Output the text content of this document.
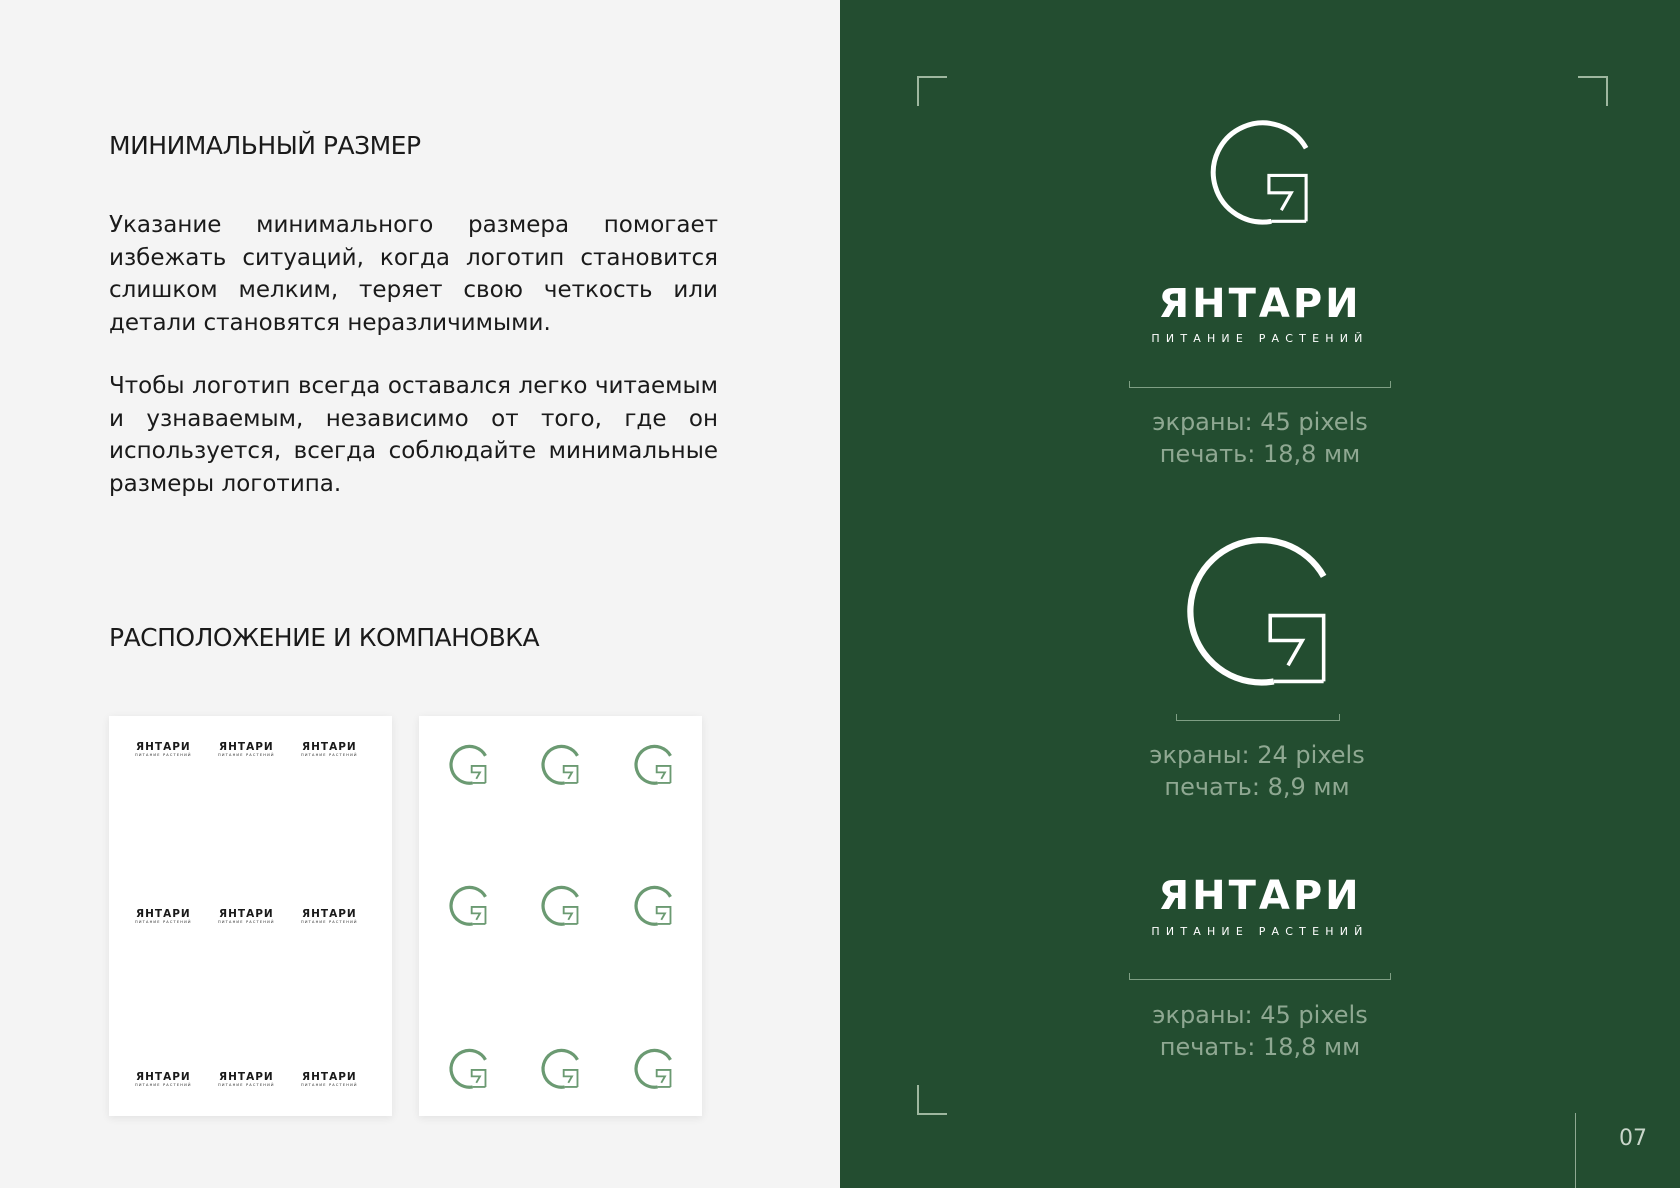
МИНИМАЛЬНЫЙ РАЗМЕР

Указание минимального размера помогает избежать ситуаций, когда логотип становится слишком мелким, теряет свою четкость или детали становятся неразличимыми.

Чтобы логотип всегда оставался легко читаемым и узнаваемым, независимо от того, где он используется, всегда соблюдайте минимальные размеры логотипа.

РАСПОЛОЖЕНИЕ И КОМПАНОВКА
ЯНТАРИ
ПИТАНИЕ РАСТЕНИЙ
ЯНТАРИ
ПИТАНИЕ РАСТЕНИЙ
ЯНТАРИ
ПИТАНИЕ РАСТЕНИЙ
ЯНТАРИ
ПИТАНИЕ РАСТЕНИЙ
ЯНТАРИ
ПИТАНИЕ РАСТЕНИЙ
ЯНТАРИ
ПИТАНИЕ РАСТЕНИЙ
ЯНТАРИ
ПИТАНИЕ РАСТЕНИЙ
ЯНТАРИ
ПИТАНИЕ РАСТЕНИЙ
ЯНТАРИ
ПИТАНИЕ РАСТЕНИЙ
ЯНТАРИ
ПИТАНИЕ РАСТЕНИЙ
экраны: 45 pixels
печать: 18,8 мм
экраны: 24 pixels
печать: 8,9 мм
ЯНТАРИ
ПИТАНИЕ РАСТЕНИЙ
экраны: 45 pixels
печать: 18,8 мм
07
